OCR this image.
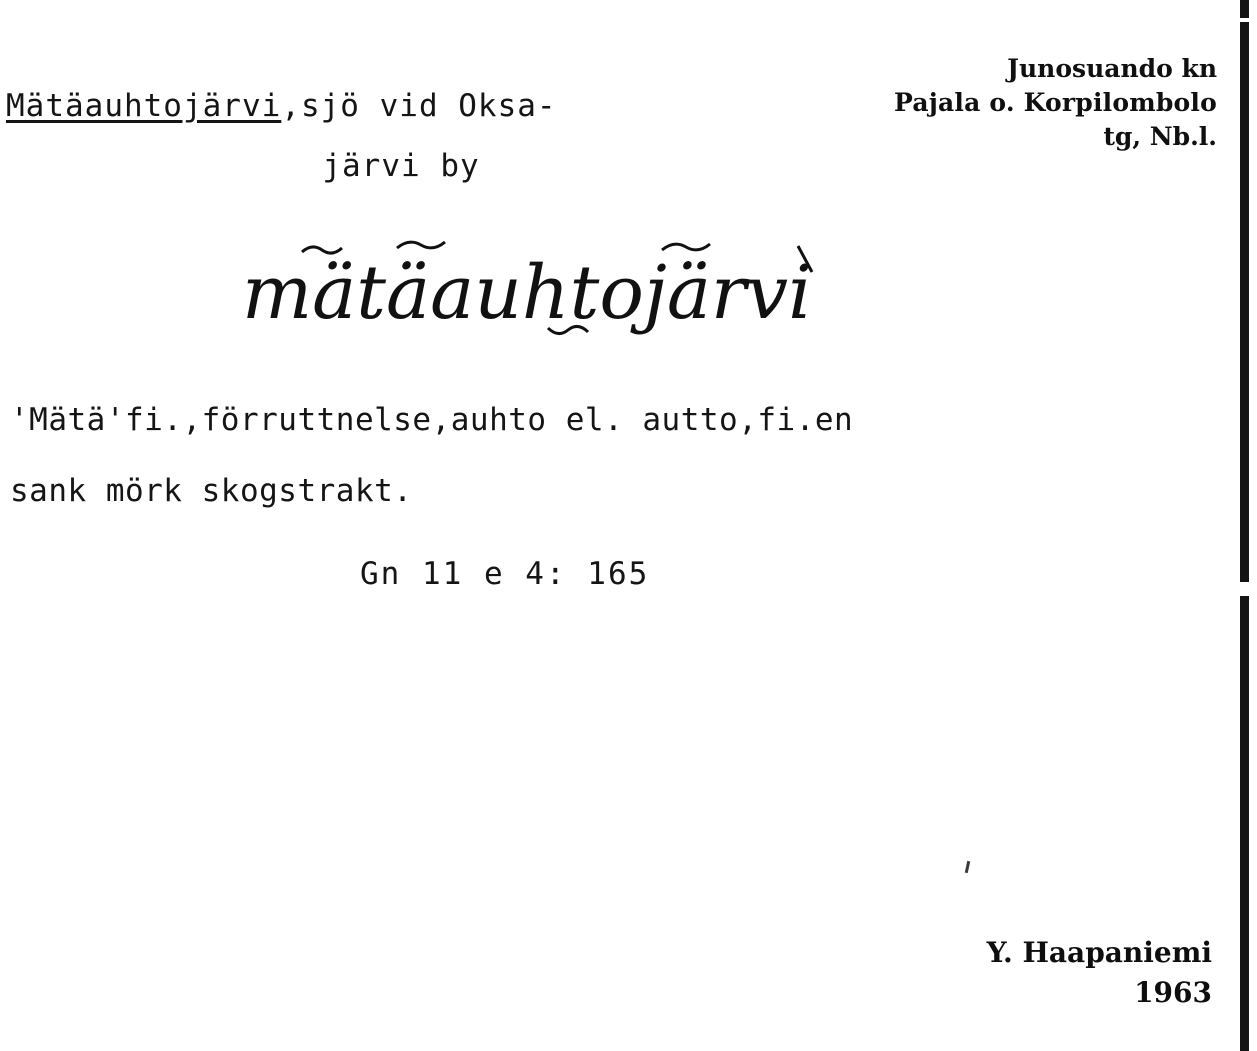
Junosuando kn
Pajala o. Korpilombolo
tg, Nb.l.
Mätäauhtojärvi,sjö vid Oksa-
järvi by
mätäauhtojärvi
'Mätä'fi.,förruttnelse,auhto el. autto,fi.en
sank mörk skogstrakt.
Gn 11 e 4: 165
Y. Haapaniemi
1963
